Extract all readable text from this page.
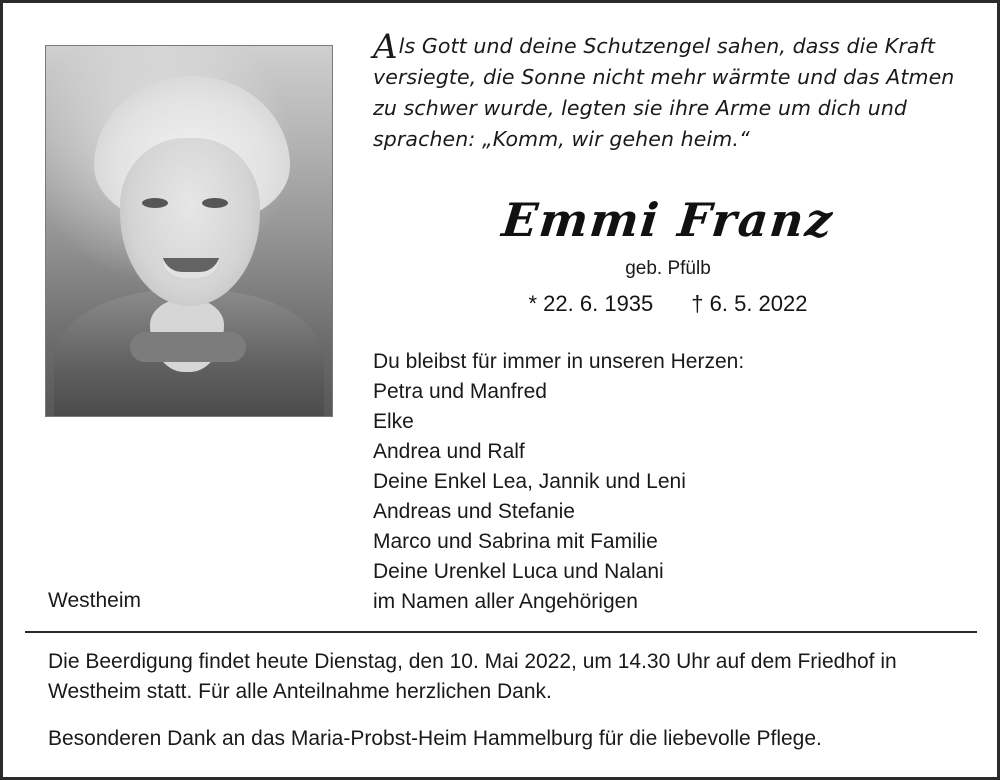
Als Gott und deine Schutzengel sahen, dass die Kraft versiegte, die Sonne nicht mehr wärmte und das Atmen zu schwer wurde, legten sie ihre Arme um dich und sprachen: „Komm, wir gehen heim.“
Emmi Franz
geb. Pfülb
* 22. 6. 1935 † 6. 5. 2022
Du bleibst für immer in unseren Herzen:
Petra und Manfred
Elke
Andrea und Ralf
Deine Enkel Lea, Jannik und Leni
Andreas und Stefanie
Marco und Sabrina mit Familie
Deine Urenkel Luca und Nalani
im Namen aller Angehörigen
Westheim

Die Beerdigung findet heute Dienstag, den 10. Mai 2022, um 14.30 Uhr auf dem Friedhof in Westheim statt. Für alle Anteilnahme herzlichen Dank.

Besonderen Dank an das Maria-Probst-Heim Hammelburg für die liebevolle Pflege.
